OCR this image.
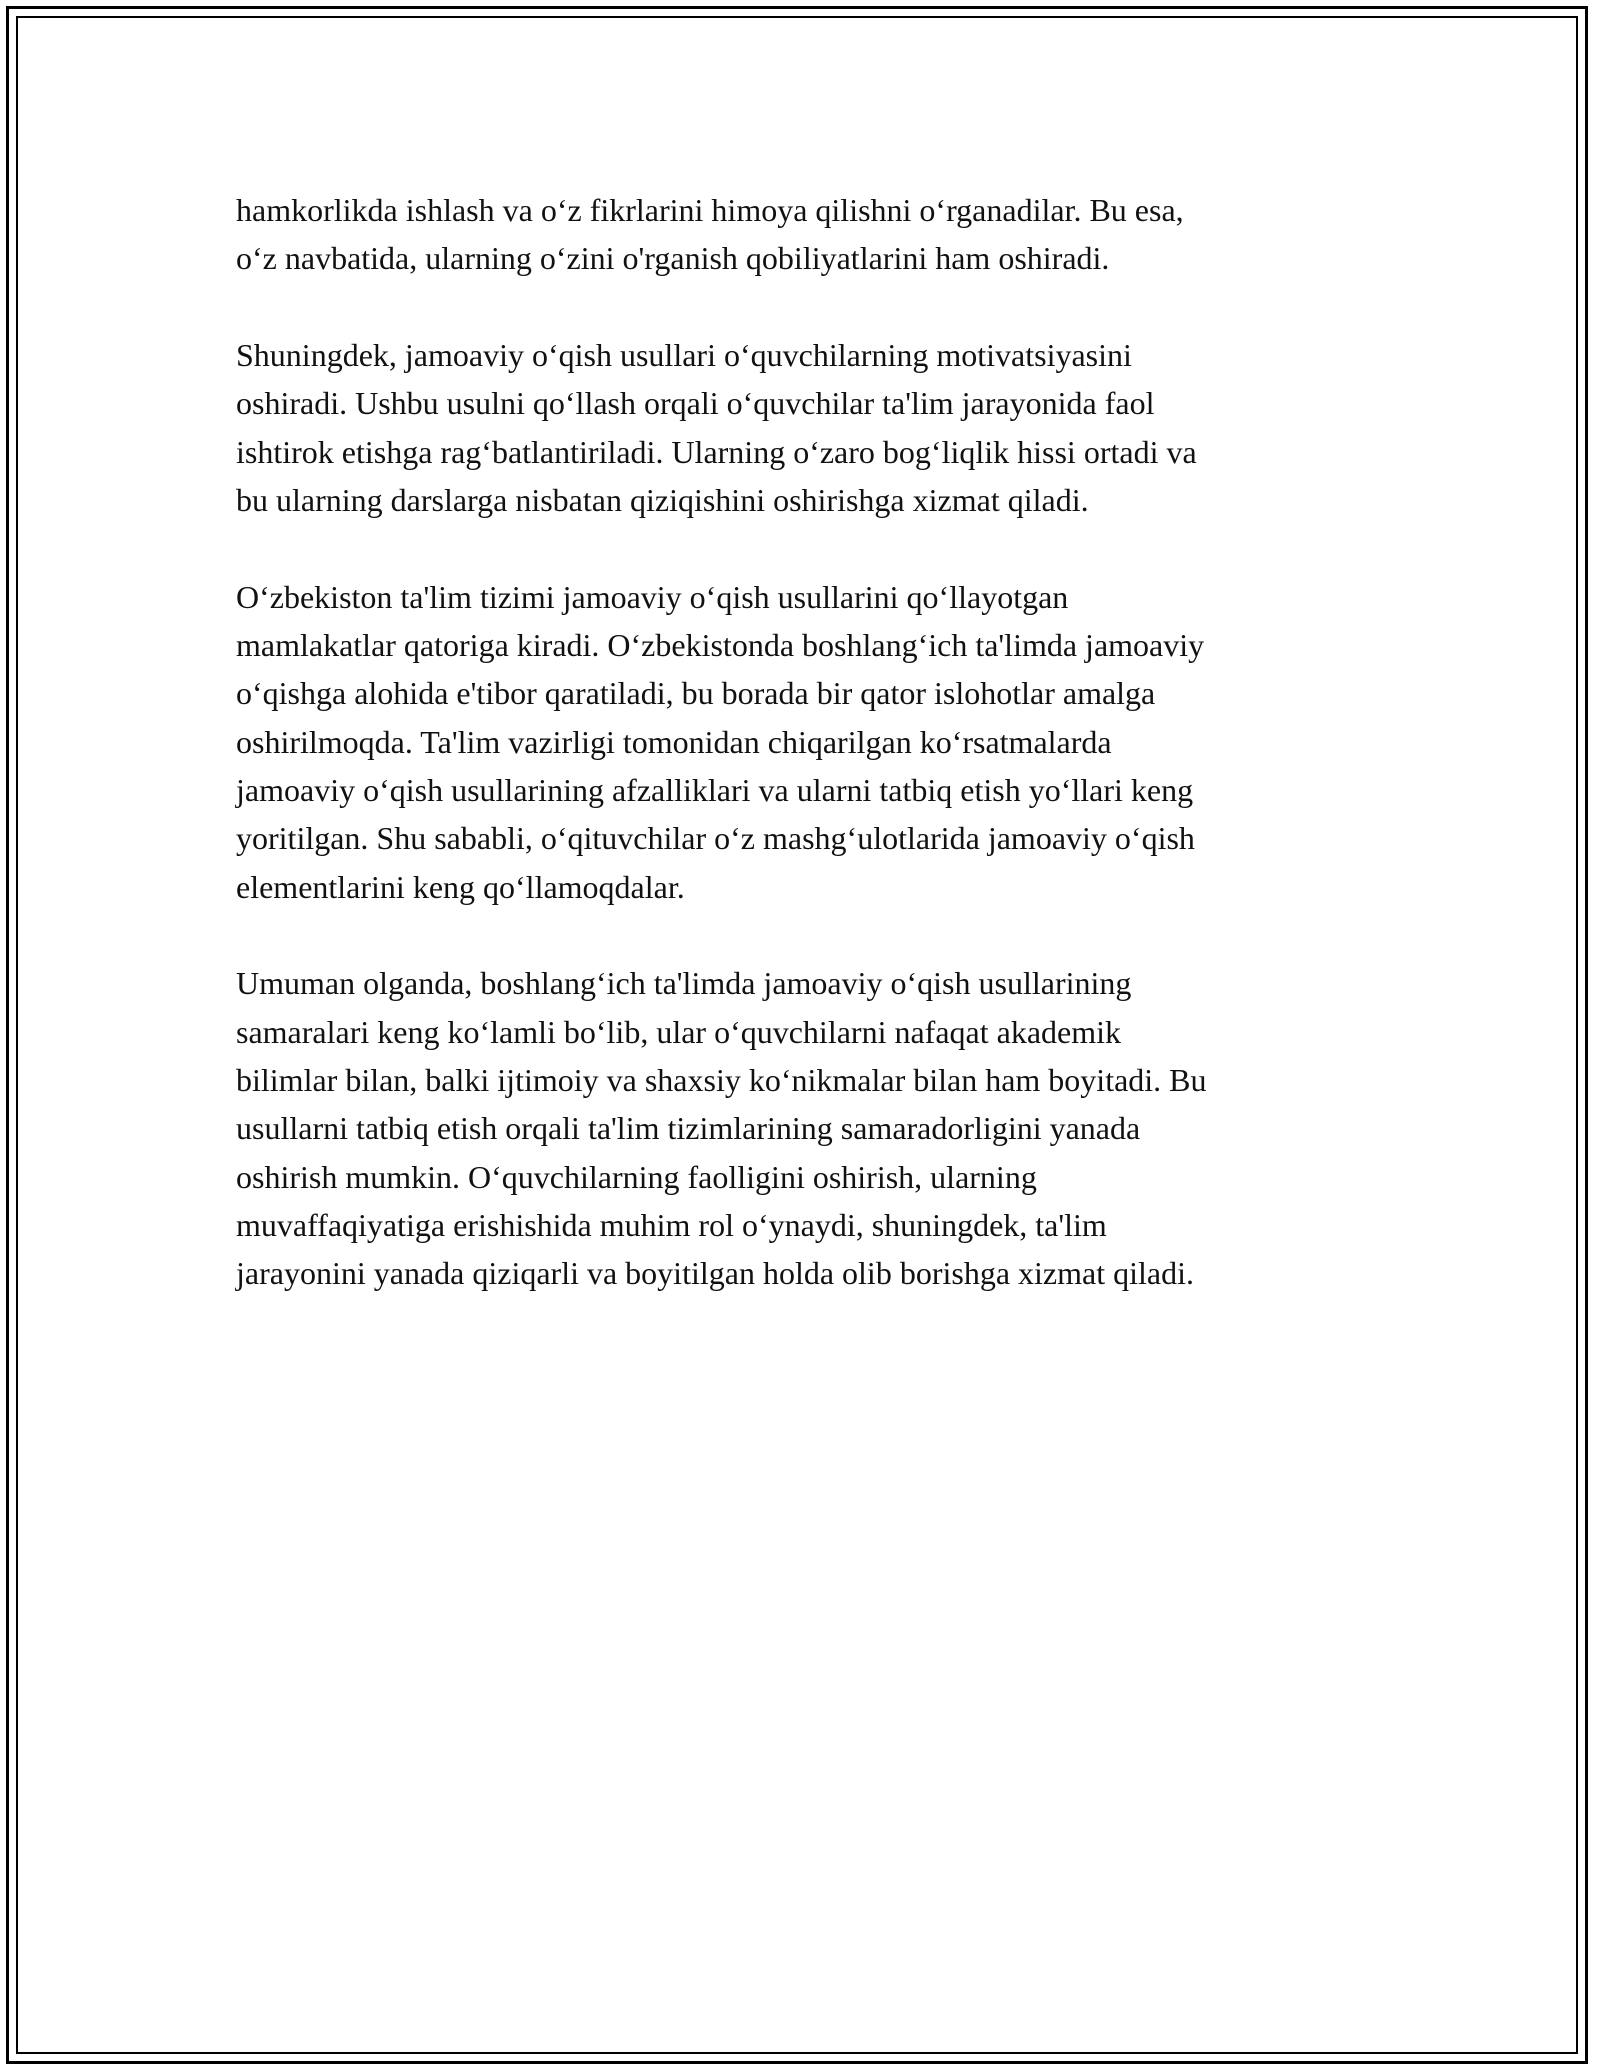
hamkorlikda ishlash va o‘z fikrlarini himoya qilishni o‘rganadilar. Bu esa,
o‘z navbatida, ularning o‘zini o'rganish qobiliyatlarini ham oshiradi.

Shuningdek, jamoaviy o‘qish usullari o‘quvchilarning motivatsiyasini
oshiradi. Ushbu usulni qo‘llash orqali o‘quvchilar ta'lim jarayonida faol
ishtirok etishga rag‘batlantiriladi. Ularning o‘zaro bog‘liqlik hissi ortadi va
bu ularning darslarga nisbatan qiziqishini oshirishga xizmat qiladi.

O‘zbekiston ta'lim tizimi jamoaviy o‘qish usullarini qo‘llayotgan
mamlakatlar qatoriga kiradi. O‘zbekistonda boshlang‘ich ta'limda jamoaviy
o‘qishga alohida e'tibor qaratiladi, bu borada bir qator islohotlar amalga
oshirilmoqda. Ta'lim vazirligi tomonidan chiqarilgan ko‘rsatmalarda
jamoaviy o‘qish usullarining afzalliklari va ularni tatbiq etish yo‘llari keng
yoritilgan. Shu sababli, o‘qituvchilar o‘z mashg‘ulotlarida jamoaviy o‘qish
elementlarini keng qo‘llamoqdalar.

Umuman olganda, boshlang‘ich ta'limda jamoaviy o‘qish usullarining
samaralari keng ko‘lamli bo‘lib, ular o‘quvchilarni nafaqat akademik
bilimlar bilan, balki ijtimoiy va shaxsiy ko‘nikmalar bilan ham boyitadi. Bu
usullarni tatbiq etish orqali ta'lim tizimlarining samaradorligini yanada
oshirish mumkin. O‘quvchilarning faolligini oshirish, ularning
muvaffaqiyatiga erishishida muhim rol o‘ynaydi, shuningdek, ta'lim
jarayonini yanada qiziqarli va boyitilgan holda olib borishga xizmat qiladi.
